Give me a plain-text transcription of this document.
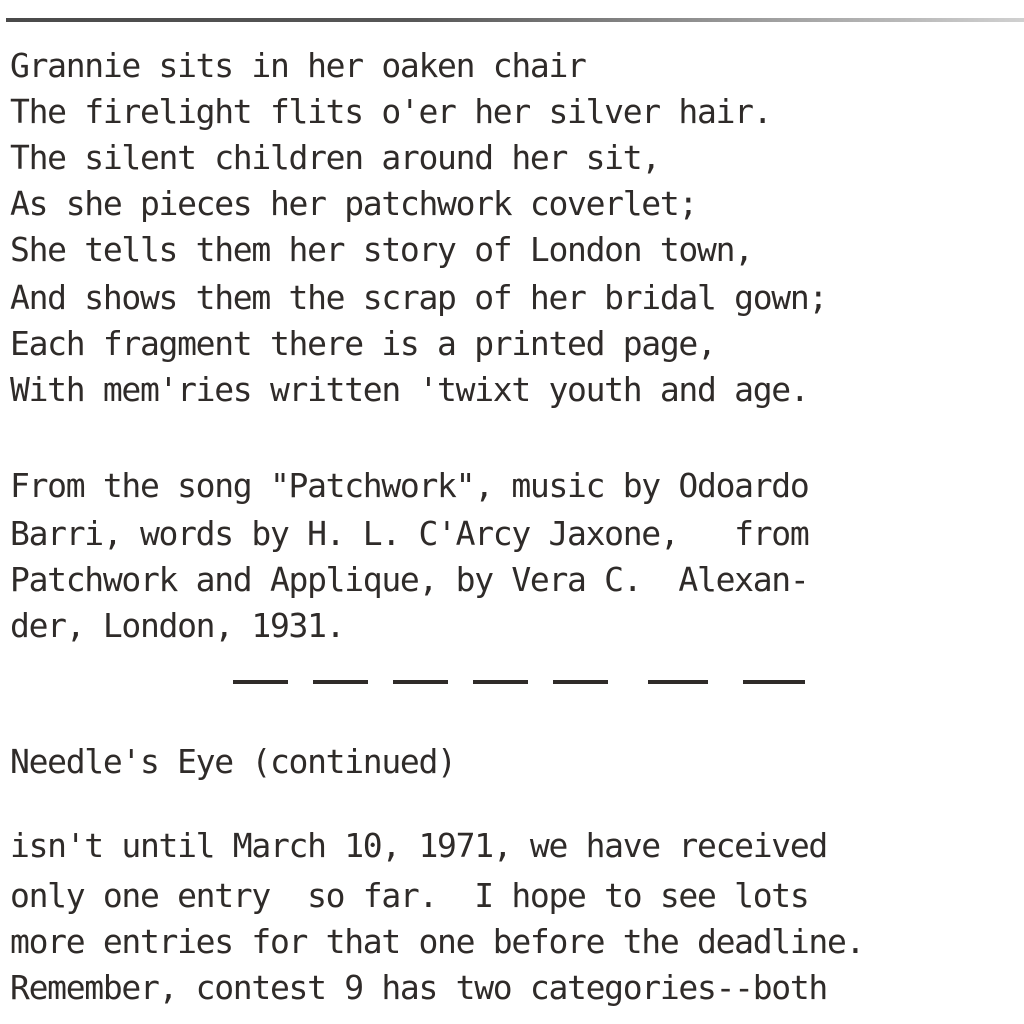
Grannie sits in her oaken chair
The firelight flits o'er her silver hair.
The silent children around her sit,
As she pieces her patchwork coverlet;
She tells them her story of London town,
And shows them the scrap of her bridal gown;
Each fragment there is a printed page,
With mem'ries written 'twixt youth and age.
From the song "Patchwork", music by Odoardo
Barri, words by H. L. C'Arcy Jaxone,   from
Patchwork and Applique, by Vera C.  Alexan-
der, London, 1931.
Needle's Eye (continued)
isn't until March 10, 1971, we have received
only one entry  so far.  I hope to see lots
more entries for that one before the deadline.
Remember, contest 9 has two categories--both
